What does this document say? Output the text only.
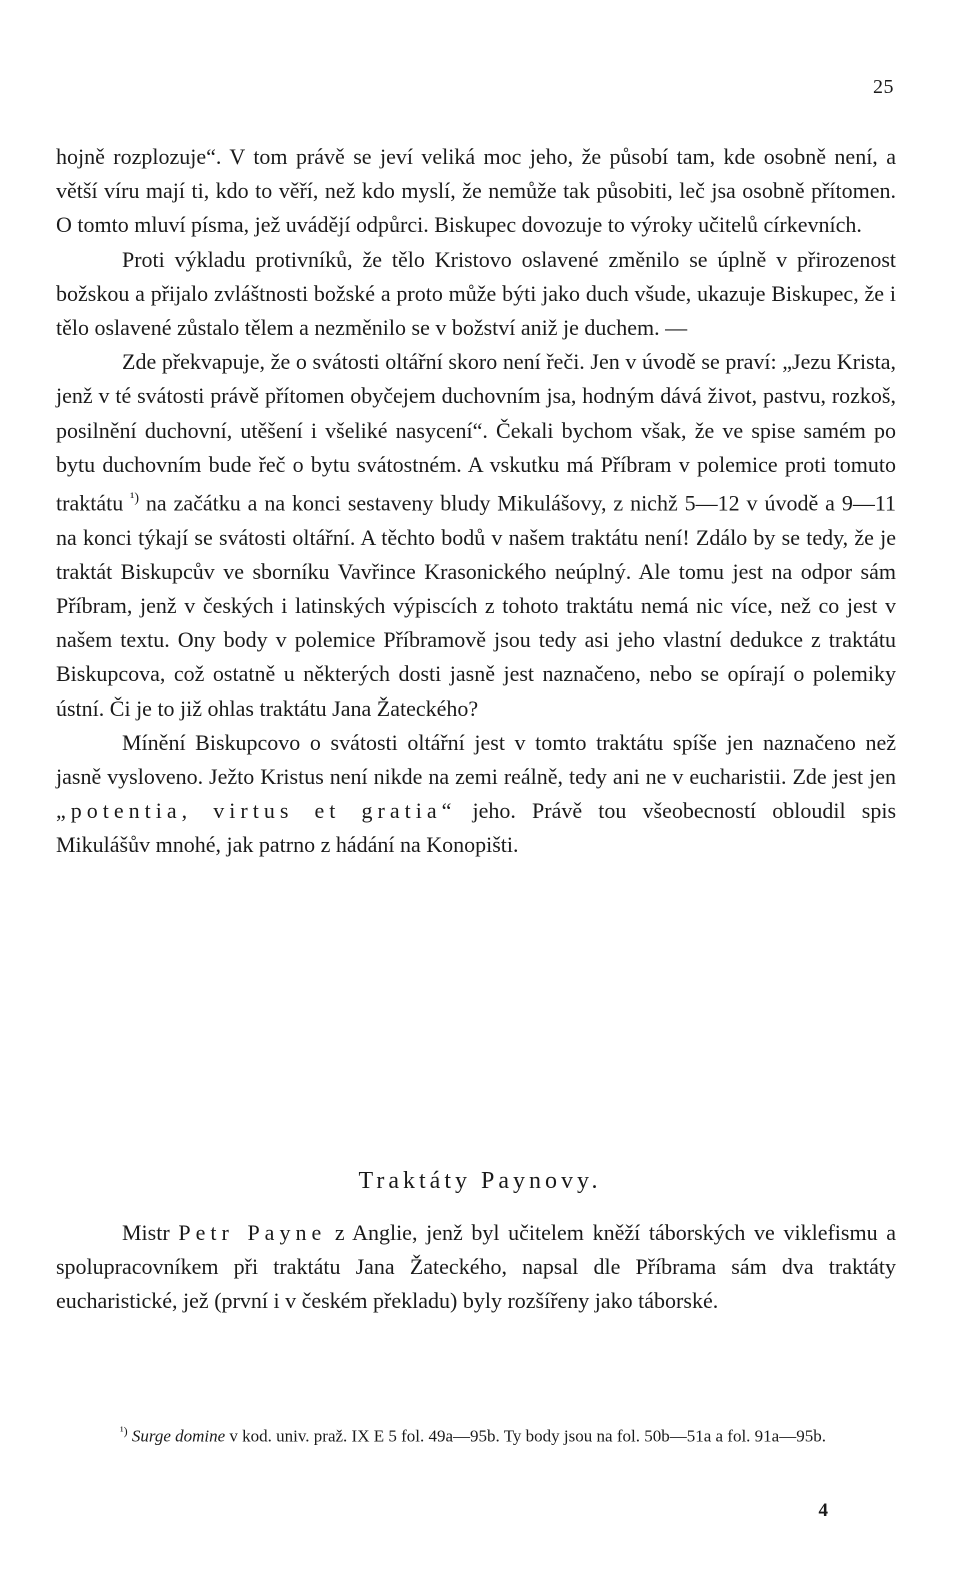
25

hojně rozplozuje“. V tom právě se jeví veliká moc jeho, že působí tam, kde osobně není, a větší víru mají ti, kdo to věří, než kdo myslí, že nemůže tak působiti, leč jsa osobně přítomen. O tomto mluví písma, jež uvádějí odpůrci. Biskupec dovozuje to výroky učitelů církevních.

Proti výkladu protivníků, že tělo Kristovo oslavené změnilo se úplně v přirozenost božskou a přijalo zvláštnosti božské a proto může býti jako duch všude, ukazuje Biskupec, že i tělo oslavené zůstalo tělem a nezměnilo se v božství aniž je duchem. —

Zde překvapuje, že o svátosti oltářní skoro není řeči. Jen v úvodě se praví: „Jezu Krista, jenž v té svátosti právě přítomen obyčejem duchovním jsa, hodným dává život, pastvu, rozkoš, posilnění duchovní, utěšení i všeliké nasycení“. Čekali bychom však, že ve spise samém po bytu duchovním bude řeč o bytu svátostném. A vskutku má Příbram v polemice proti tomuto traktátu $^{^1)}$ na začátku a na konci sestaveny bludy Mikulášovy, z nichž 5—12 v úvodě a 9—11 na konci týkají se svátosti oltářní. A těchto bodů v našem traktátu není! Zdálo by se tedy, že je traktát Biskupcův ve sborníku Vavřince Krasonického neúplný. Ale tomu jest na odpor sám Příbram, jenž v českých i latinských výpiscích z tohoto traktátu nemá nic více, než co jest v našem textu. Ony body v polemice Příbramově jsou tedy asi jeho vlastní dedukce z traktátu Biskupcova, což ostatně u některých dosti jasně jest naznačeno, nebo se opírají o polemiky ústní. Či je to již ohlas traktátu Jana Žateckého?

Mínění Biskupcovo o svátosti oltářní jest v tomto traktátu spíše jen naznačeno než jasně vysloveno. Ježto Kristus není nikde na zemi reálně, tedy ani ne v eucharistii. Zde jest jen „potentia, virtus et gratia“ jeho. Právě tou všeobecností obloudil spis Mikulášův mnohé, jak patrno z hádání na Konopišti.

Traktáty Paynovy.

Mistr Petr Payne z Anglie, jenž byl učitelem kněží táborských ve viklefismu a spolupracovníkem při traktátu Jana Žateckého, napsal dle Příbrama sám dva traktáty eucharistické, jež (první i v českém překladu) byly rozšířeny jako táborské.

$^{^1)}$ Surge domine v kod. univ. praž. IX E 5 fol. 49a—95b. Ty body jsou na fol. 50b—51a a fol. 91a—95b.

4
